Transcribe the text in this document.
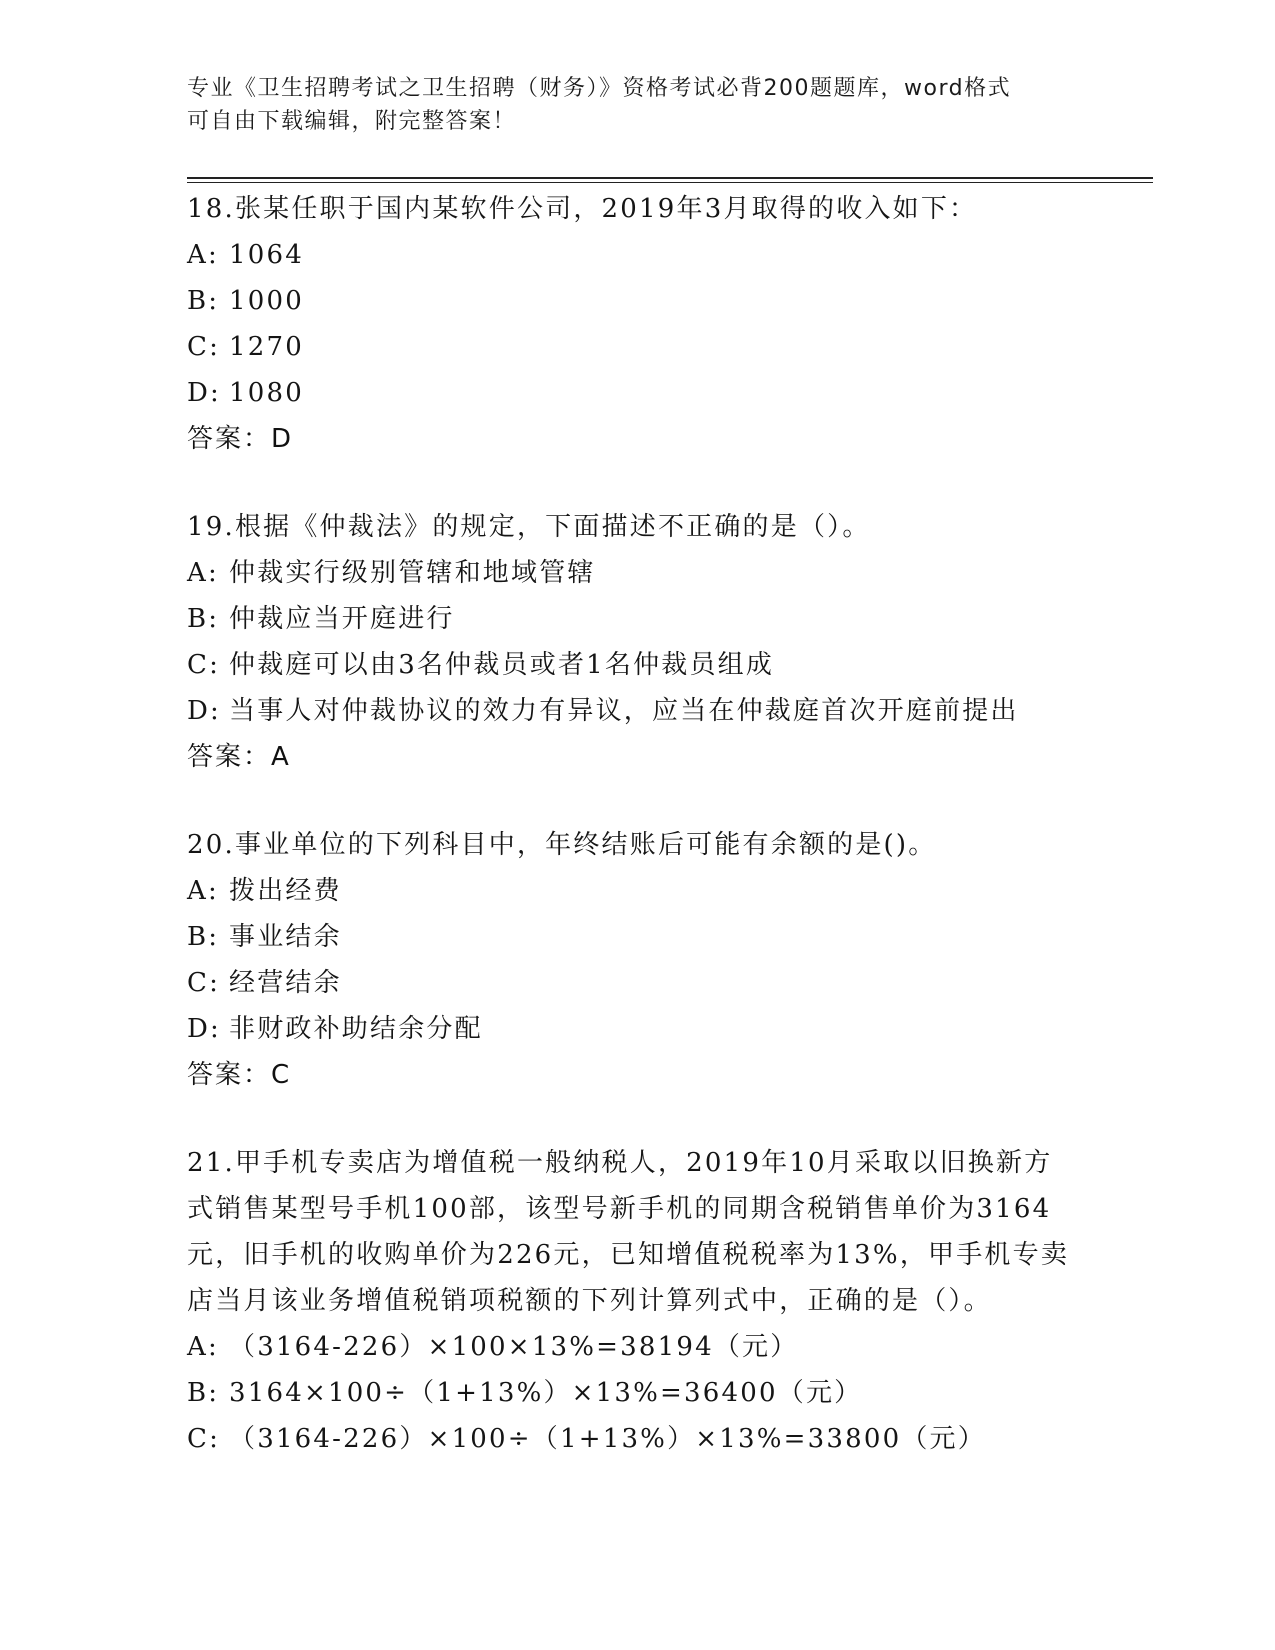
专业《卫生招聘考试之卫生招聘（财务）》资格考试必背200题题库，word格式
可自由下载编辑，附完整答案！
18.张某任职于国内某软件公司，2019年3月取得的收入如下：
A: 1064
B: 1000
C: 1270
D: 1080
答案：D
19.根据《仲裁法》的规定，下面描述不正确的是（）。
A: 仲裁实行级别管辖和地域管辖
B: 仲裁应当开庭进行
C: 仲裁庭可以由3名仲裁员或者1名仲裁员组成
D: 当事人对仲裁协议的效力有异议，应当在仲裁庭首次开庭前提出
答案：A
20.事业单位的下列科目中，年终结账后可能有余额的是()。
A: 拨出经费
B: 事业结余
C: 经营结余
D: 非财政补助结余分配
答案：C
21.甲手机专卖店为增值税一般纳税人，2019年10月采取以旧换新方式销售某型号手机100部，该型号新手机的同期含税销售单价为3164元，旧手机的收购单价为226元，已知增值税税率为13%，甲手机专卖店当月该业务增值税销项税额的下列计算列式中，正确的是（）。
A: （3164-226）×100×13%=38194（元）
B: 3164×100÷（1+13%）×13%=36400（元）
C: （3164-226）×100÷（1+13%）×13%=33800（元）
